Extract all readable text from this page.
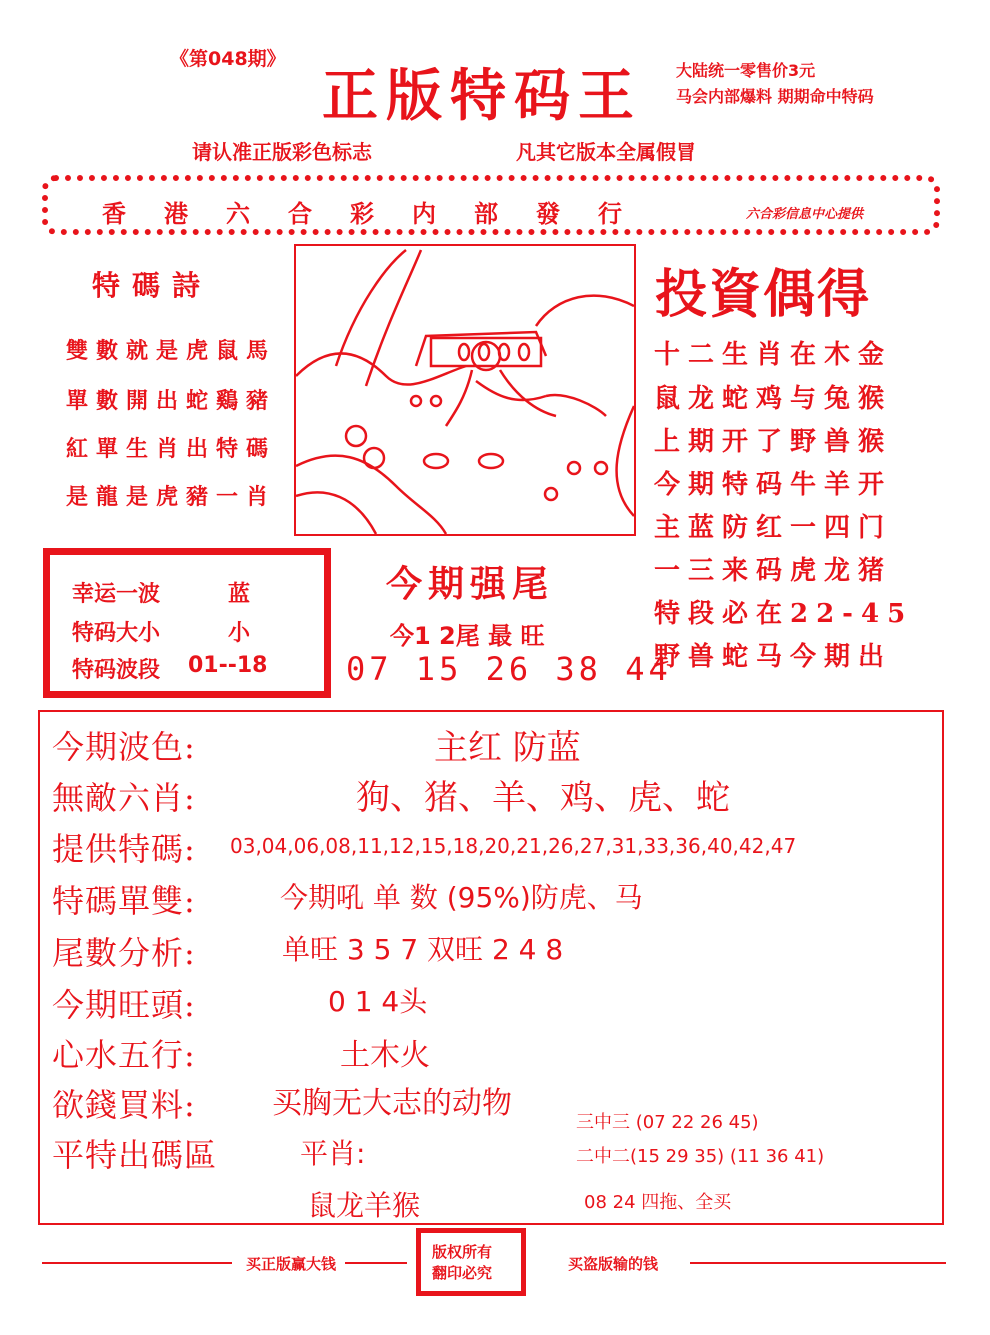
《第048期》
正版特码王 大陆统一零售价3元
马会内部爆料 期期命中特码
请认准正版彩色标志	凡其它版本全属假冒
香港六合彩内部發行	六合彩信息中心提供
特碼詩
雙數就是虎鼠馬
單數開出蛇鷄豬
紅單生肖出特碼
是龍是虎豬一肖
投資偶得
十二生肖在木金
鼠龙蛇鸡与兔猴
上期开了野兽猴
今期特码牛羊开
主蓝防红一四门
一三来码虎龙猪
特段必在22-45
野兽蛇马今期出
幸运一波	蓝
特码大小	小
特码波段 01--18
今期强尾
今1 2尾 最 旺
07 15 26 38 44
今期波色:	主红 防蓝
無敵六肖:	狗、猪、羊、鸡、虎、蛇
提供特碼: 03,04,06,08,11,12,15,18,20,21,26,27,31,33,36,40,42,47
特碼單雙:	今期吼 单 数 (95%)防虎、马
尾數分析:	单旺 3 5 7 双旺 2 4 8
今期旺頭:	0 1 4头
心水五行:	土木火
欲錢買料:	买胸无大志的动物
三中三 (07 22 26 45)
二中二(15 29 35) (11 36 41)
平特出碼區	平肖:
鼠龙羊猴	08 24 四拖、全买
买正版赢大钱	买盗版输的钱
版权所有
翻印必究
